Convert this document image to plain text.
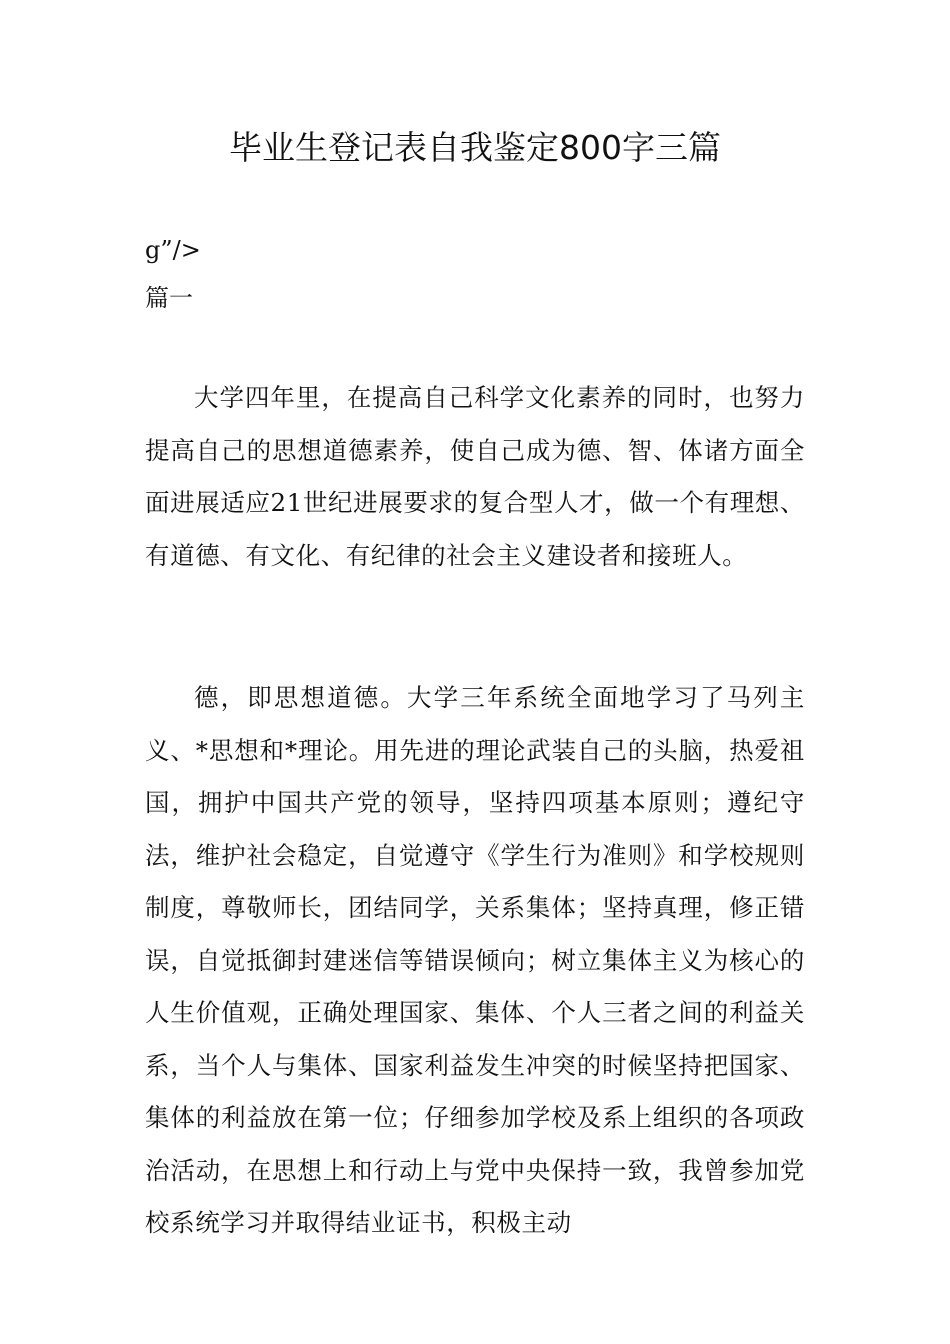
毕业生登记表自我鉴定800字三篇

g”/>

篇一

大学四年里，在提高自己科学文化素养的同时，也努力提高自己的思想道德素养，使自己成为德、智、体诸方面全面进展适应21世纪进展要求的复合型人才，做一个有理想、有道德、有文化、有纪律的社会主义建设者和接班人。

德，即思想道德。大学三年系统全面地学习了马列主义、*思想和*理论。用先进的理论武装自己的头脑，热爱祖国，拥护中国共产党的领导，坚持四项基本原则；遵纪守法，维护社会稳定，自觉遵守《学生行为准则》和学校规则制度，尊敬师长，团结同学，关系集体；坚持真理，修正错误，自觉抵御封建迷信等错误倾向；树立集体主义为核心的人生价值观，正确处理国家、集体、个人三者之间的利益关系，当个人与集体、国家利益发生冲突的时候坚持把国家、集体的利益放在第一位；仔细参加学校及系上组织的各项政治活动，在思想上和行动上与党中央保持一致，我曾参加党校系统学习并取得结业证书，积极主动
